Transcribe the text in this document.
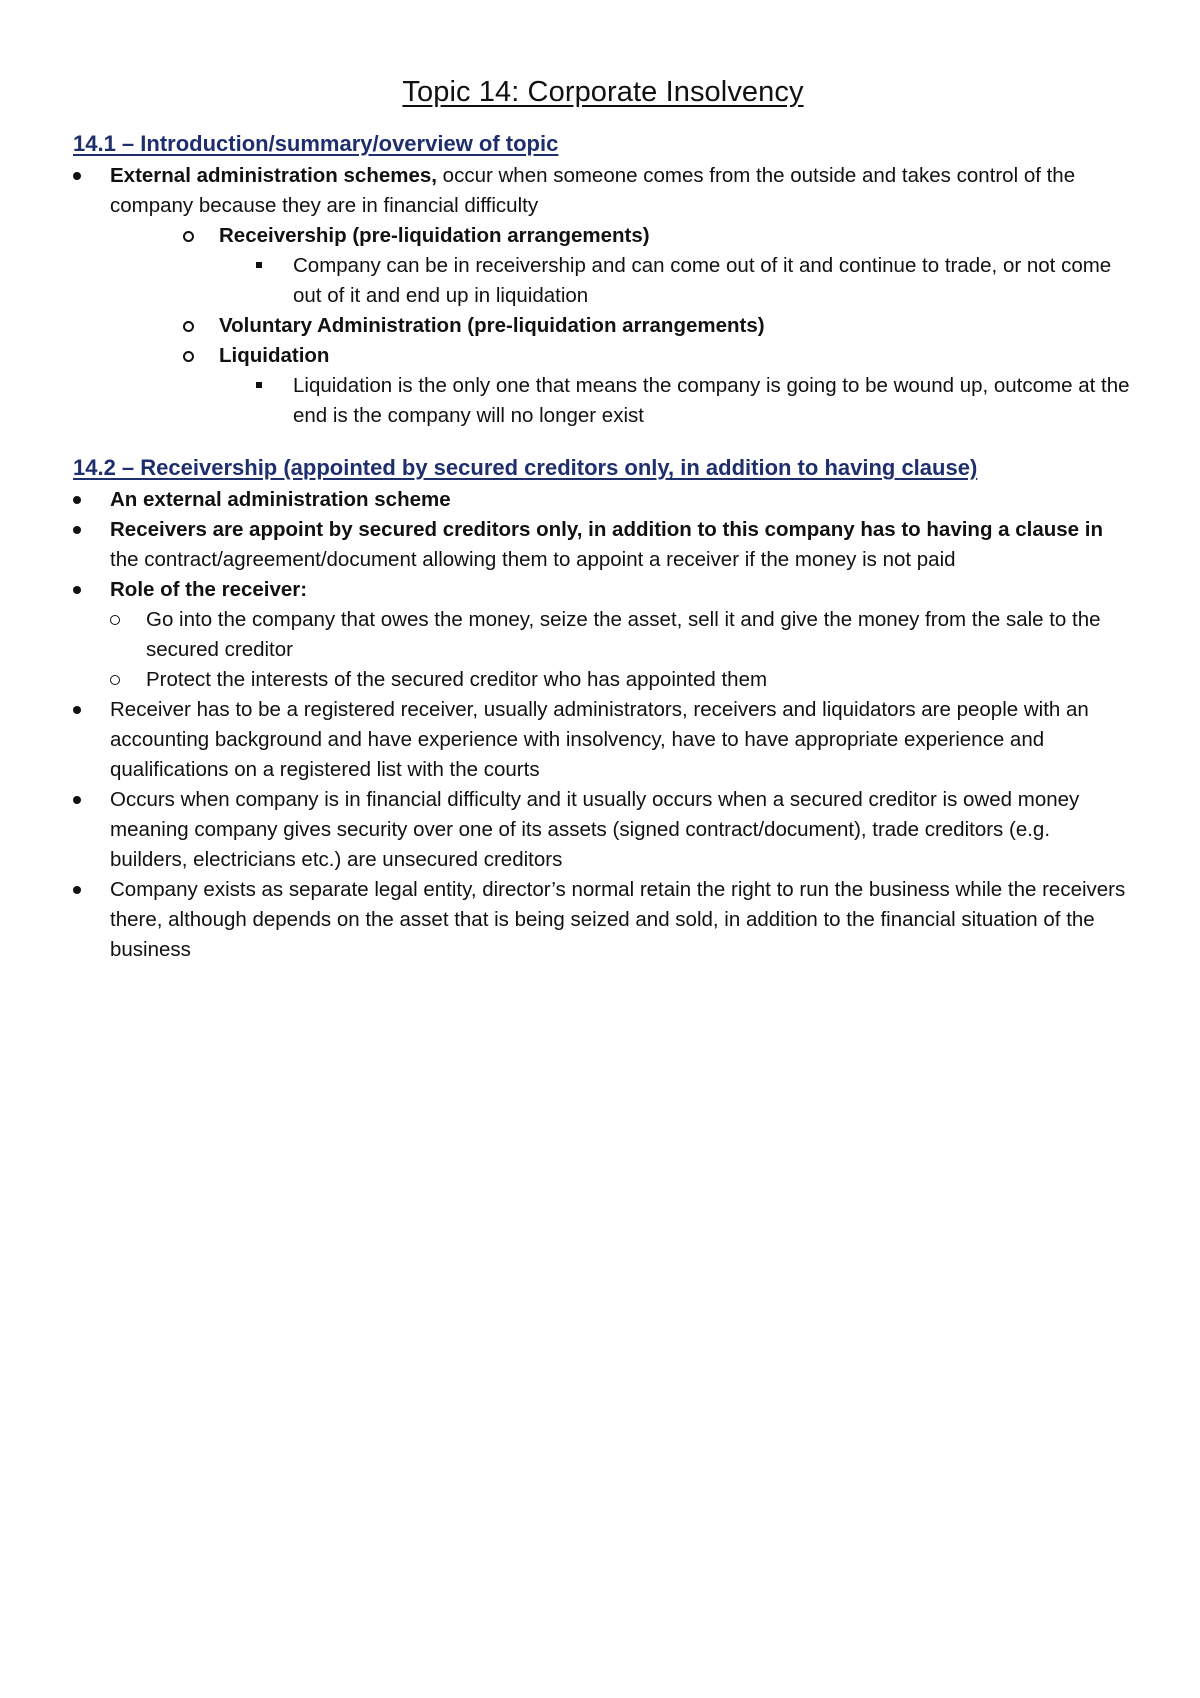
Topic 14: Corporate Insolvency
14.1 – Introduction/summary/overview of topic
External administration schemes, occur when someone comes from the outside and takes control of the company because they are in financial difficulty
Receivership (pre-liquidation arrangements)
Company can be in receivership and can come out of it and continue to trade, or not come out of it and end up in liquidation
Voluntary Administration (pre-liquidation arrangements)
Liquidation
Liquidation is the only one that means the company is going to be wound up, outcome at the end is the company will no longer exist
14.2 – Receivership (appointed by secured creditors only, in addition to having clause)
An external administration scheme
Receivers are appoint by secured creditors only, in addition to this company has to having a clause in the contract/agreement/document allowing them to appoint a receiver if the money is not paid
Role of the receiver:
Go into the company that owes the money, seize the asset, sell it and give the money from the sale to the secured creditor
Protect the interests of the secured creditor who has appointed them
Receiver has to be a registered receiver, usually administrators, receivers and liquidators are people with an accounting background and have experience with insolvency, have to have appropriate experience and qualifications on a registered list with the courts
Occurs when company is in financial difficulty and it usually occurs when a secured creditor is owed money meaning company gives security over one of its assets (signed contract/document), trade creditors (e.g. builders, electricians etc.) are unsecured creditors
Company exists as separate legal entity, director’s normal retain the right to run the business while the receivers there, although depends on the asset that is being seized and sold, in addition to the financial situation of the business
